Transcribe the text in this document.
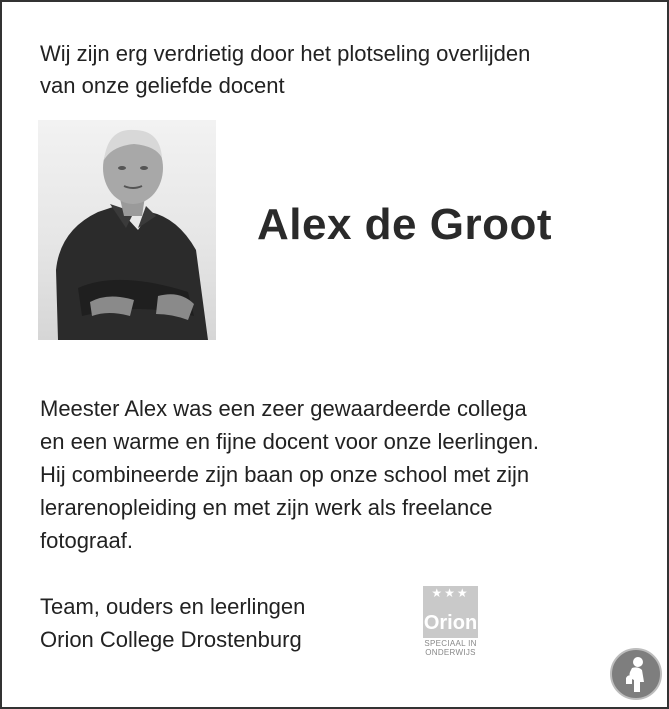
Wij zijn erg verdrietig door het plotseling overlijden
van onze geliefde docent
Alex de Groot
Meester Alex was een zeer gewaardeerde collega
en een warme en fijne docent voor onze leerlingen.
Hij combineerde zijn baan op onze school met zijn
lerarenopleiding en met zijn werk als freelance
fotograaf.
Team, ouders en leerlingen
Orion College Drostenburg
★★★
Orion
SPECIAAL IN
ONDERWIJS
